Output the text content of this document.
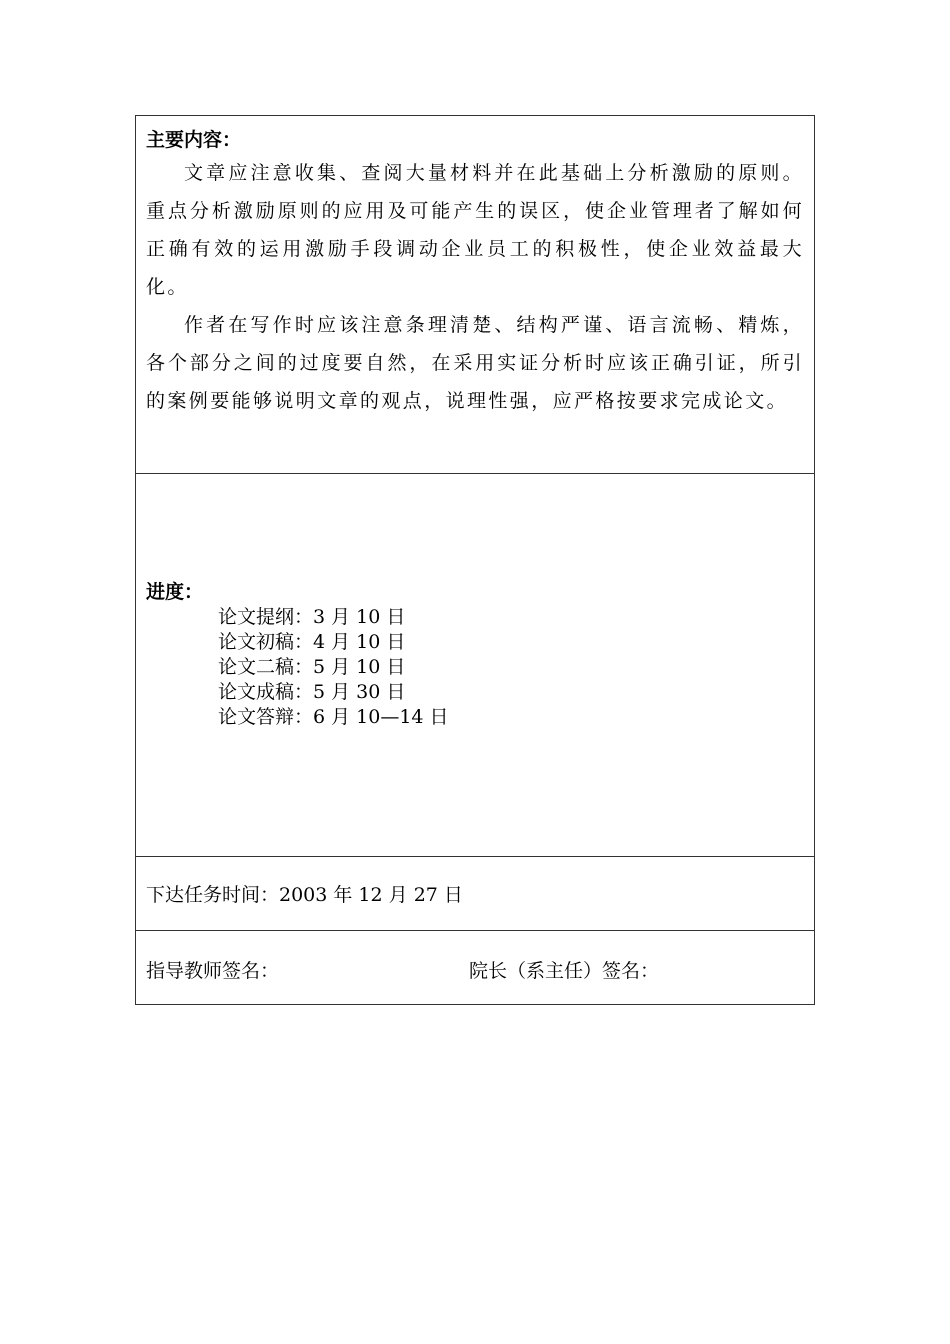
主要内容：

文章应注意收集、查阅大量材料并在此基础上分析激励的原则。重点分析激励原则的应用及可能产生的误区，使企业管理者了解如何正确有效的运用激励手段调动企业员工的积极性，使企业效益最大化。

作者在写作时应该注意条理清楚、结构严谨、语言流畅、精炼，各个部分之间的过度要自然，在采用实证分析时应该正确引证，所引的案例要能够说明文章的观点，说理性强，应严格按要求完成论文。

进度：
论文提纲：3 月 10 日
论文初稿：4 月 10 日
论文二稿：5 月 10 日
论文成稿：5 月 30 日
论文答辩：6 月 10—14 日
下达任务时间：2003 年 12 月 27 日
指导教师签名：	院长（系主任）签名：
